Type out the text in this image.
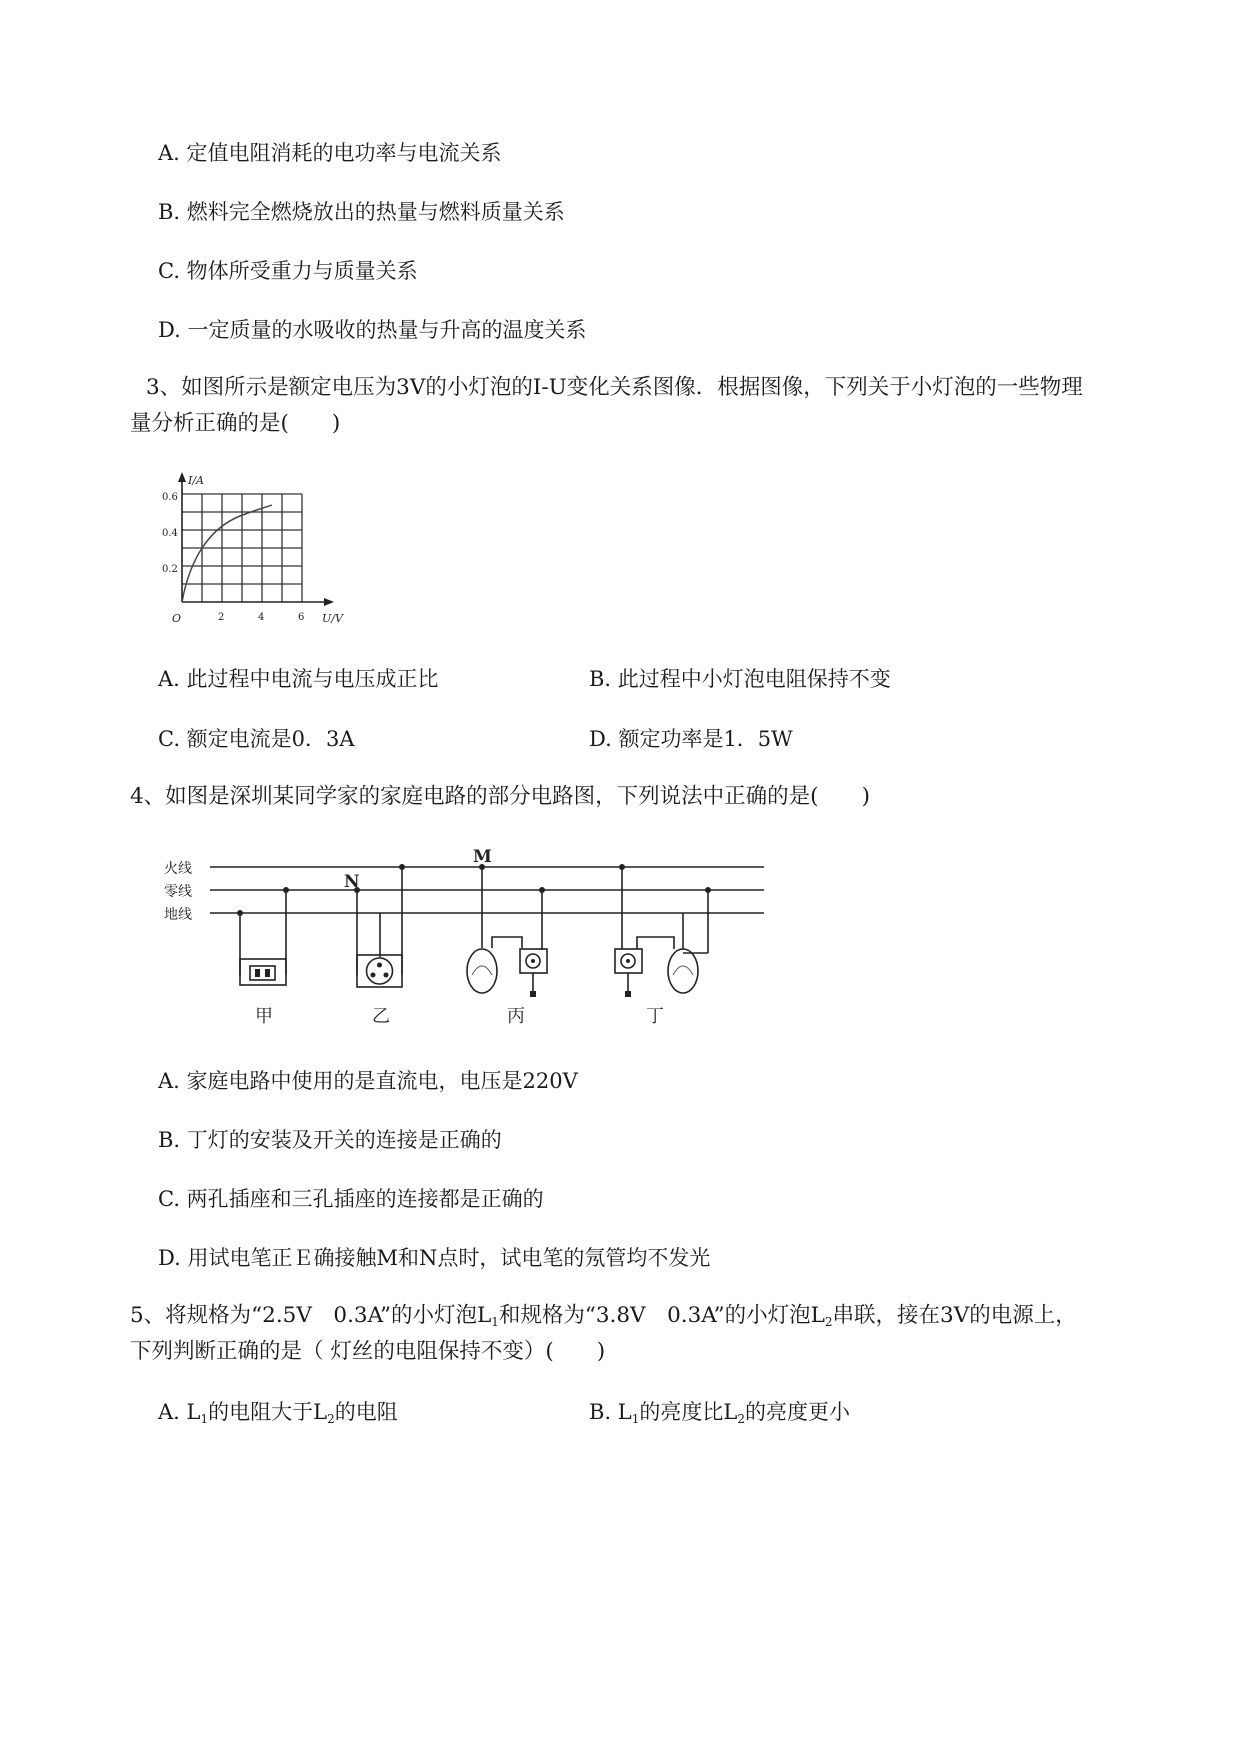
A. 定值电阻消耗的电功率与电流关系
B. 燃料完全燃烧放出的热量与燃料质量关系
C. 物体所受重力与质量关系
D. 一定质量的水吸收的热量与升高的温度关系
3、如图所示是额定电压为3V的小灯泡的I-U变化关系图像．根据图像，下列关于小灯泡的一些物理
量分析正确的是(　　)
I/A
U/V
O
0.2
0.4
0.6
2	4	6
A. 此过程中电流与电压成正比	B. 此过程中小灯泡电阻保持不变
C. 额定电流是0．3A	D. 额定功率是1．5W
4、如图是深圳某同学家的家庭电路的部分电路图，下列说法中正确的是(　　)
火线
零线
地线
M
N
甲	乙	丙	丁
A. 家庭电路中使用的是直流电，电压是220V
B. 丁灯的安装及开关的连接是正确的
C. 两孔插座和三孔插座的连接都是正确的
D. 用试电笔正Ｅ确接触M和N点时，试电笔的氖管均不发光
5、将规格为“2.5V　0.3A”的小灯泡$L_1$和规格为“3.8V　0.3A”的小灯泡$L_2$串联，接在3V的电源上，
下列判断正确的是（ 灯丝的电阻保持不变）(　　)
A. $L_1$的电阻大于$L_2$的电阻	B. $L_1$的亮度比$L_2$的亮度更小
